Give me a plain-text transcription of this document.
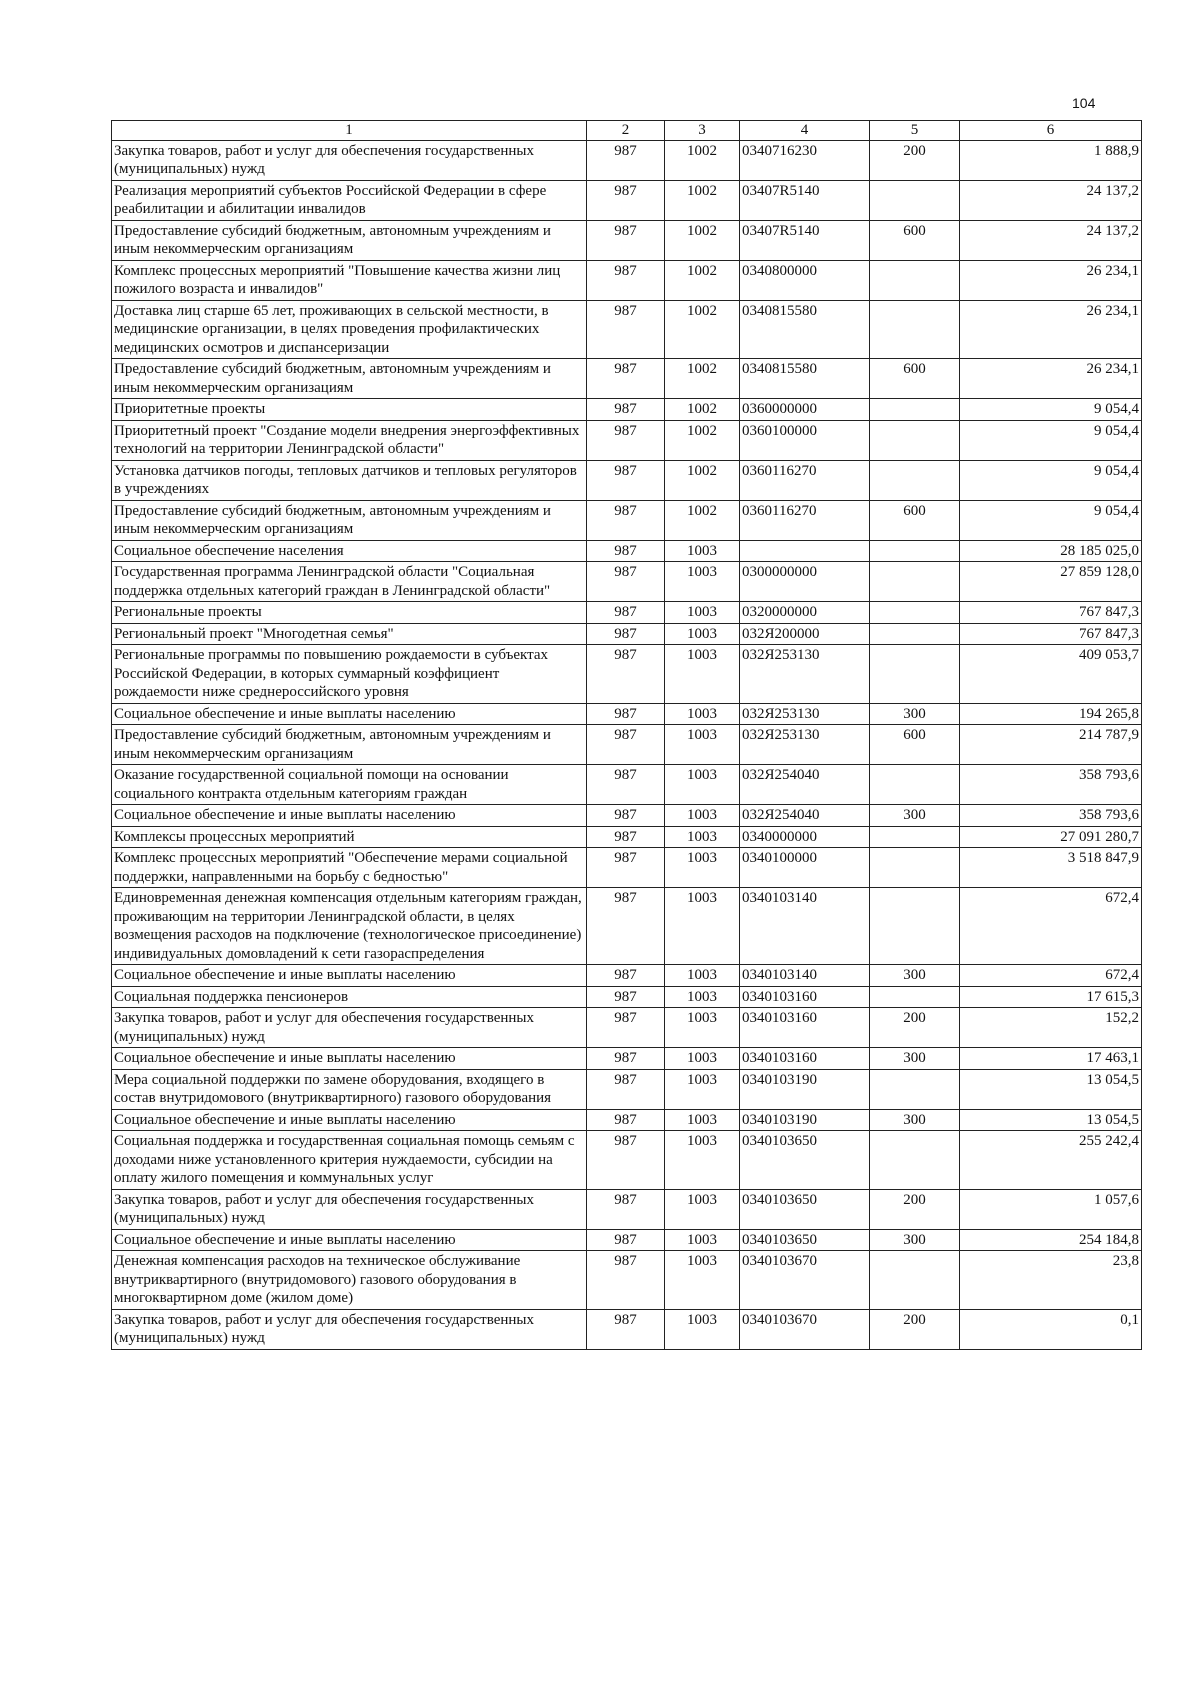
104
1	2	3	4	5	6
Закупка товаров, работ и услуг для обеспечения государственных (муниципальных) нужд	987	1002	0340716230	200	1 888,9
Реализация мероприятий субъектов Российской Федерации в сфере реабилитации и абилитации инвалидов	987	1002	03407R5140		24 137,2
Предоставление субсидий бюджетным, автономным учреждениям и иным некоммерческим организациям	987	1002	03407R5140	600	24 137,2
Комплекс процессных мероприятий "Повышение качества жизни лиц пожилого возраста и инвалидов"	987	1002	0340800000		26 234,1
Доставка лиц старше 65 лет, проживающих в сельской местности, в медицинские организации, в целях проведения профилактических медицинских осмотров и диспансеризации	987	1002	0340815580		26 234,1
Предоставление субсидий бюджетным, автономным учреждениям и иным некоммерческим организациям	987	1002	0340815580	600	26 234,1
Приоритетные проекты	987	1002	0360000000		9 054,4
Приоритетный проект "Создание модели внедрения энергоэффективных технологий на территории Ленинградской области"	987	1002	0360100000		9 054,4
Установка датчиков погоды, тепловых датчиков и тепловых регуляторов в учреждениях	987	1002	0360116270		9 054,4
Предоставление субсидий бюджетным, автономным учреждениям и иным некоммерческим организациям	987	1002	0360116270	600	9 054,4
Социальное обеспечение населения	987	1003			28 185 025,0
Государственная программа Ленинградской области "Социальная поддержка отдельных категорий граждан в Ленинградской области"	987	1003	0300000000		27 859 128,0
Региональные проекты	987	1003	0320000000		767 847,3
Региональный проект "Многодетная семья"	987	1003	032Я200000		767 847,3
Региональные программы по повышению рождаемости в субъектах Российской Федерации, в которых суммарный коэффициент рождаемости ниже среднероссийского уровня	987	1003	032Я253130		409 053,7
Социальное обеспечение и иные выплаты населению	987	1003	032Я253130	300	194 265,8
Предоставление субсидий бюджетным, автономным учреждениям и иным некоммерческим организациям	987	1003	032Я253130	600	214 787,9
Оказание государственной социальной помощи на основании социального контракта отдельным категориям граждан	987	1003	032Я254040		358 793,6
Социальное обеспечение и иные выплаты населению	987	1003	032Я254040	300	358 793,6
Комплексы процессных мероприятий	987	1003	0340000000		27 091 280,7
Комплекс процессных мероприятий "Обеспечение мерами социальной поддержки, направленными на борьбу с бедностью"	987	1003	0340100000		3 518 847,9
Единовременная денежная компенсация отдельным категориям граждан, проживающим на территории Ленинградской области, в целях возмещения расходов на подключение (технологическое присоединение) индивидуальных домовладений к сети газораспределения	987	1003	0340103140		672,4
Социальное обеспечение и иные выплаты населению	987	1003	0340103140	300	672,4
Социальная поддержка пенсионеров	987	1003	0340103160		17 615,3
Закупка товаров, работ и услуг для обеспечения государственных (муниципальных) нужд	987	1003	0340103160	200	152,2
Социальное обеспечение и иные выплаты населению	987	1003	0340103160	300	17 463,1
Мера социальной поддержки по замене оборудования, входящего в состав внутридомового (внутриквартирного) газового оборудования	987	1003	0340103190		13 054,5
Социальное обеспечение и иные выплаты населению	987	1003	0340103190	300	13 054,5
Социальная поддержка и государственная социальная помощь семьям с доходами ниже установленного критерия нуждаемости, субсидии на оплату жилого помещения и коммунальных услуг	987	1003	0340103650		255 242,4
Закупка товаров, работ и услуг для обеспечения государственных (муниципальных) нужд	987	1003	0340103650	200	1 057,6
Социальное обеспечение и иные выплаты населению	987	1003	0340103650	300	254 184,8
Денежная компенсация расходов на техническое обслуживание внутриквартирного (внутридомового) газового оборудования в многоквартирном доме (жилом доме)	987	1003	0340103670		23,8
Закупка товаров, работ и услуг для обеспечения государственных (муниципальных) нужд	987	1003	0340103670	200	0,1
